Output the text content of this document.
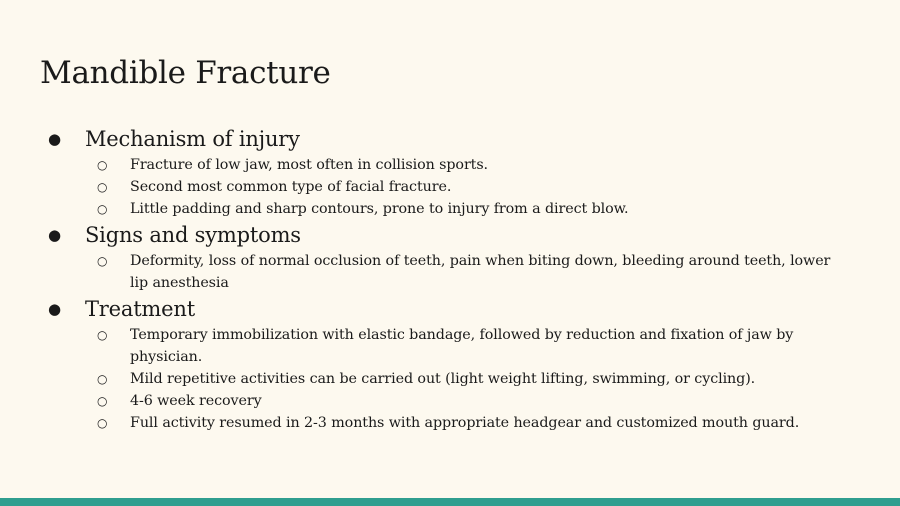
Mandible Fracture
● Mechanism of injury
○ Fracture of low jaw, most often in collision sports.
○ Second most common type of facial fracture.
○ Little padding and sharp contours, prone to injury from a direct blow.
● Signs and symptoms
○ Deformity, loss of normal occlusion of teeth, pain when biting down, bleeding around teeth, lower lip anesthesia
● Treatment
○ Temporary immobilization with elastic bandage, followed by reduction and fixation of jaw by physician.
○ Mild repetitive activities can be carried out (light weight lifting, swimming, or cycling).
○ 4-6 week recovery
○ Full activity resumed in 2-3 months with appropriate headgear and customized mouth guard.
